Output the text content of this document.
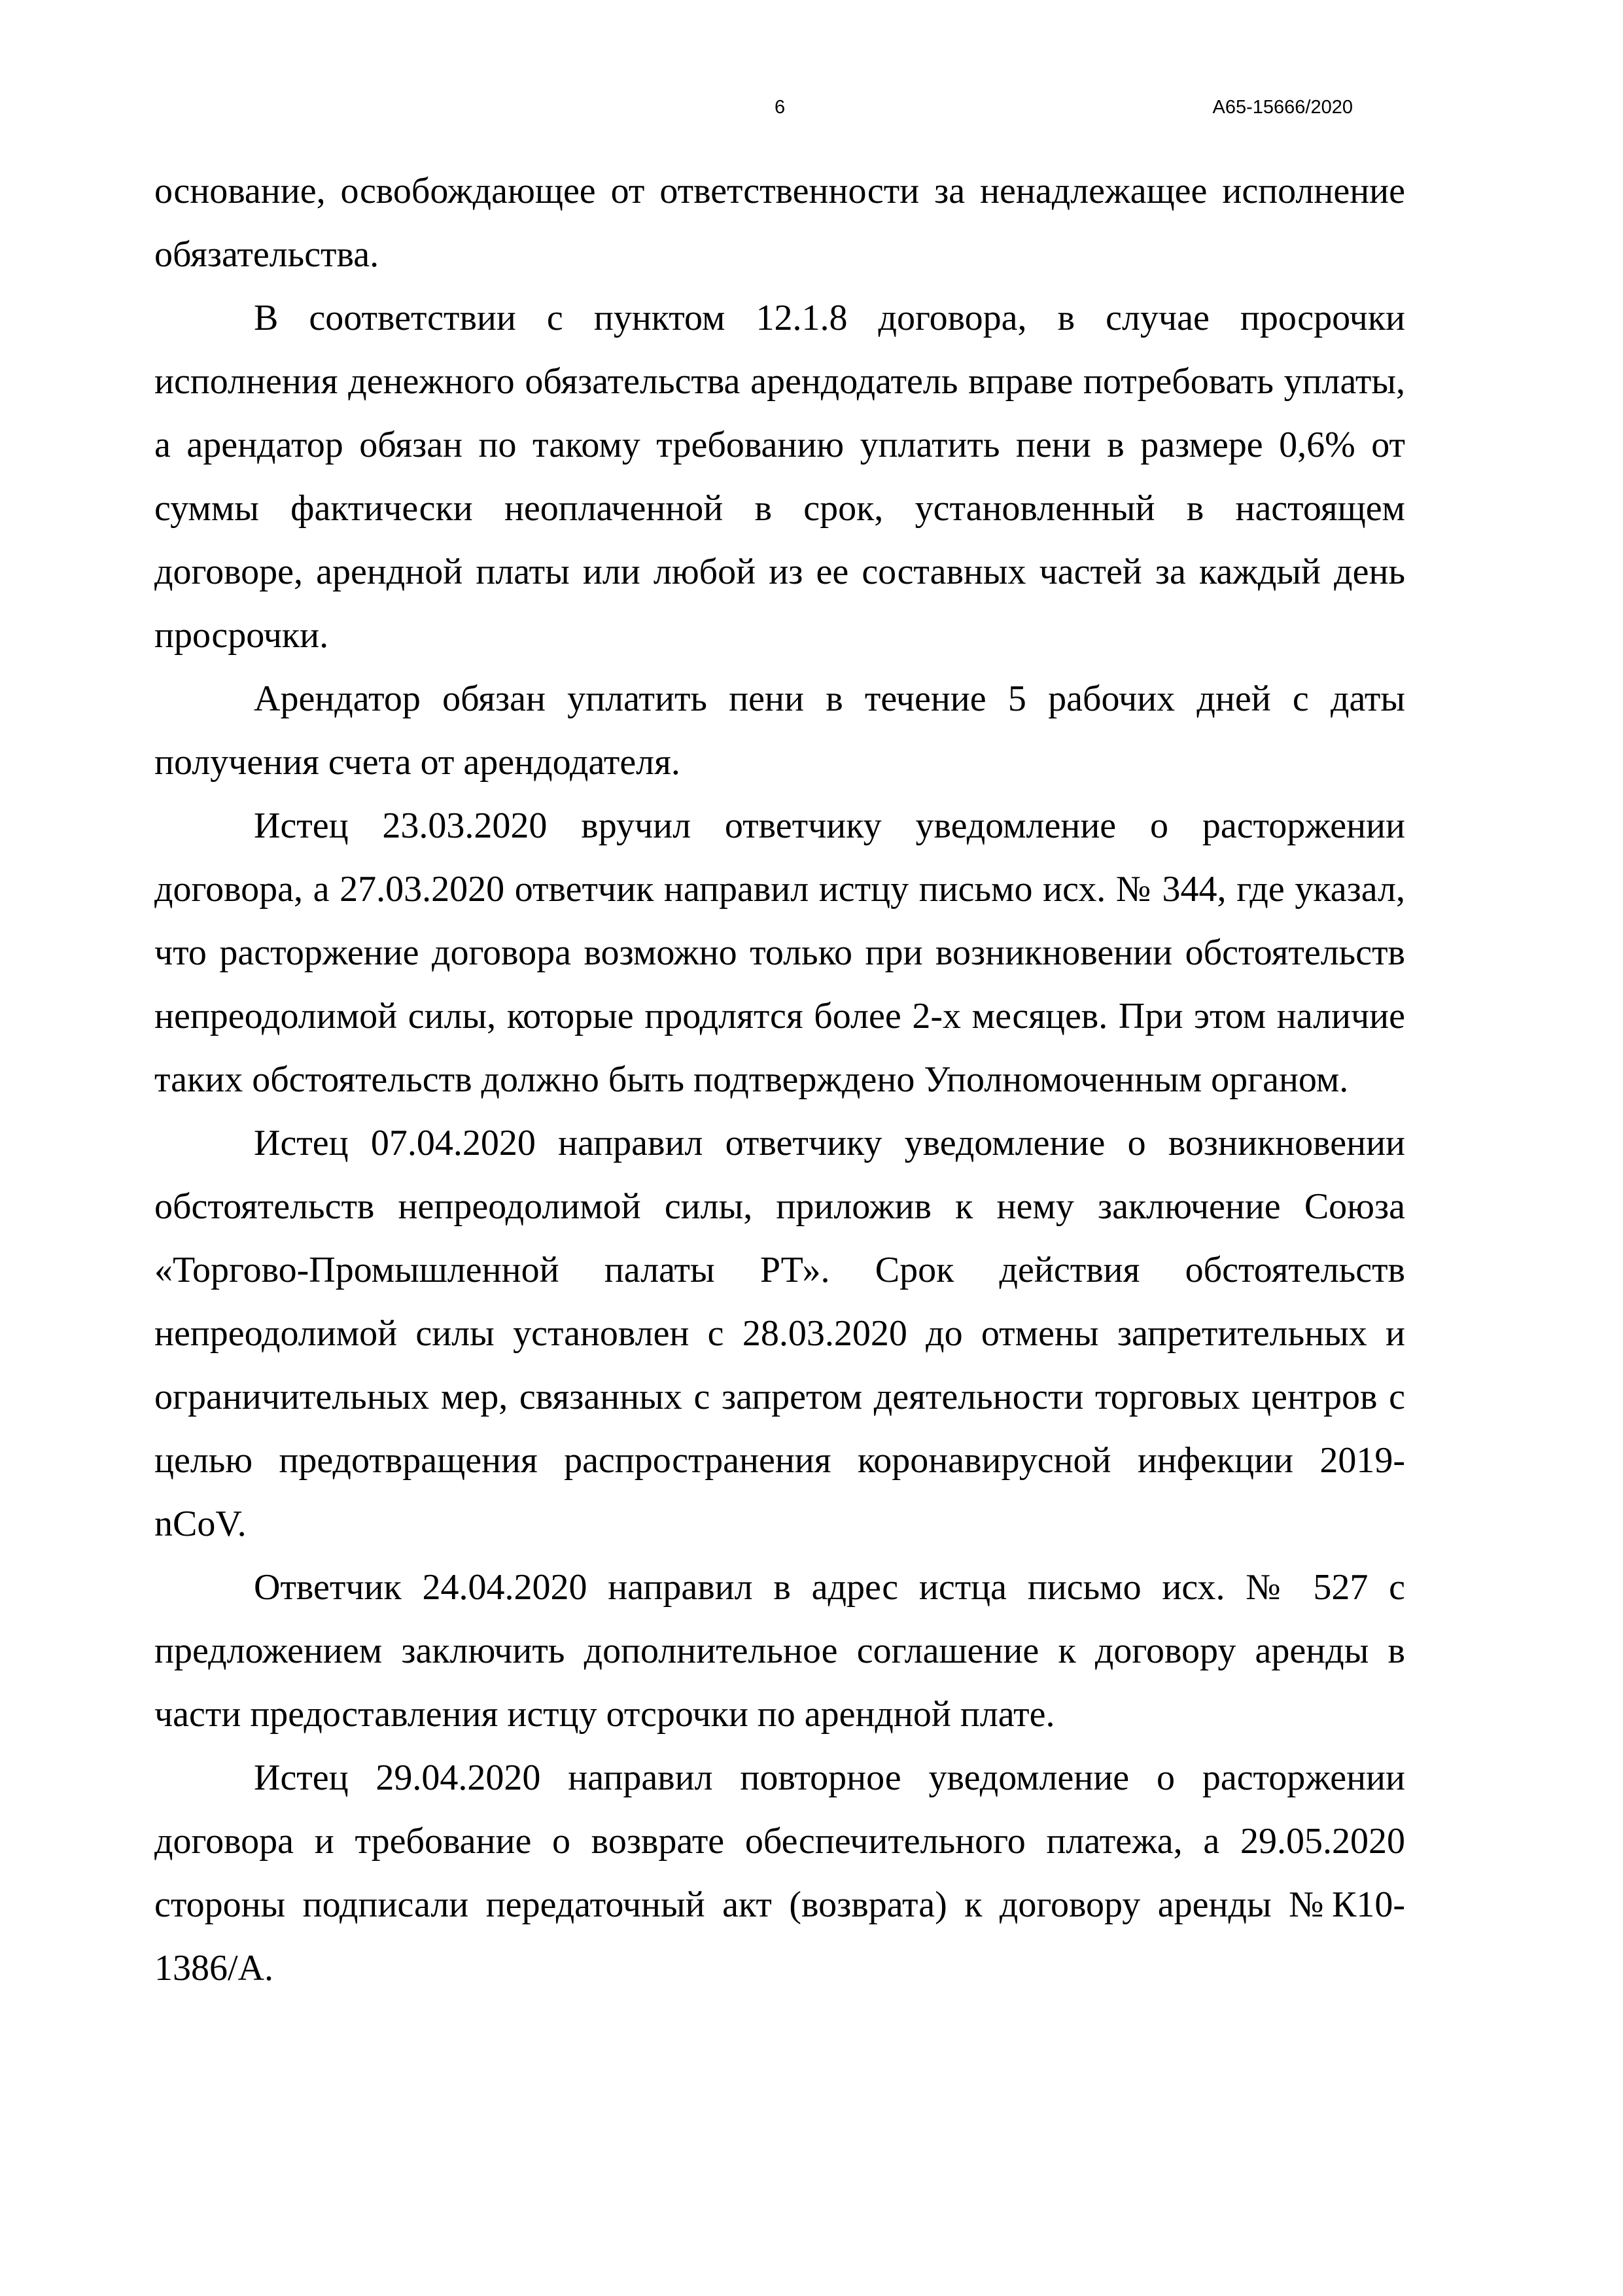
6	А65-15666/2020

основание, освобождающее от ответственности за ненадлежащее исполнение обязательства.

В соответствии с пунктом 12.1.8 договора, в случае просрочки исполнения денежного обязательства арендодатель вправе потребовать уплаты, а арендатор обязан по такому требованию уплатить пени в размере 0,6% от суммы фактически неоплаченной в срок, установленный в настоящем договоре, арендной платы или любой из ее составных частей за каждый день просрочки.

Арендатор обязан уплатить пени в течение 5 рабочих дней с даты получения счета от арендодателя.

Истец 23.03.2020 вручил ответчику уведомление о расторжении договора, а 27.03.2020 ответчик направил истцу письмо исх. № 344, где указал, что расторжение договора возможно только при возникновении обстоятельств непреодолимой силы, которые продлятся более 2-х месяцев. При этом наличие таких обстоятельств должно быть подтверждено Уполномоченным органом.

Истец 07.04.2020 направил ответчику уведомление о возникновении обстоятельств непреодолимой силы, приложив к нему заключение Союза «Торгово-Промышленной палаты РТ». Срок действия обстоятельств непреодолимой силы установлен с 28.03.2020 до отмены запретительных и ограничительных мер, связанных с запретом деятельности торговых центров с целью предотвращения распространения коронавирусной инфекции 2019-nCoV.

Ответчик 24.04.2020 направил в адрес истца письмо исх. № 527 с предложением заключить дополнительное соглашение к договору аренды в части предоставления истцу отсрочки по арендной плате.

Истец 29.04.2020 направил повторное уведомление о расторжении договора и требование о возврате обеспечительного платежа, а 29.05.2020 стороны подписали передаточный акт (возврата) к договору аренды №К10-1386/А.
